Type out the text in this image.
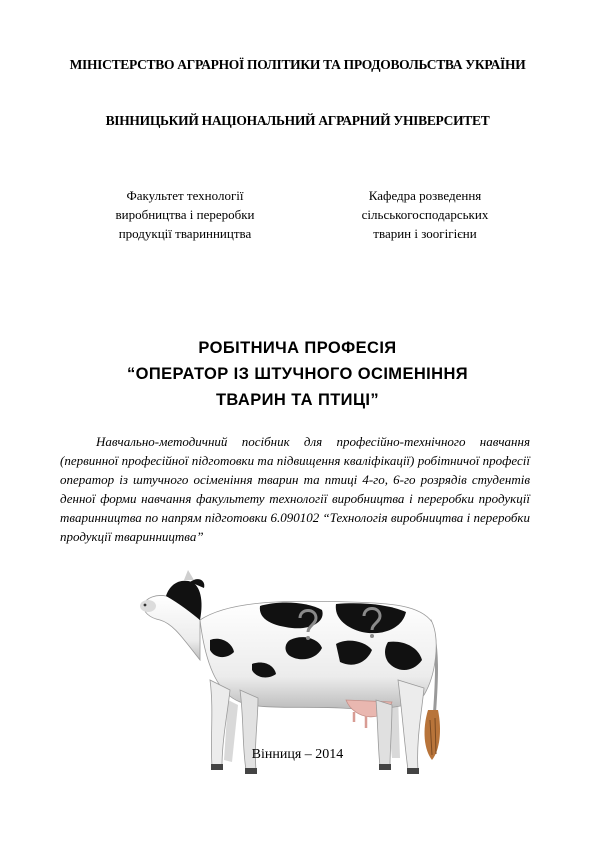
МІНІСТЕРСТВО АГРАРНОЇ ПОЛІТИКИ ТА ПРОДОВОЛЬСТВА УКРАЇНИ
ВІННИЦЬКИЙ НАЦІОНАЛЬНИЙ АГРАРНИЙ УНІВЕРСИТЕТ
Факультет технології
виробництва і переробки
продукції тваринництва
Кафедра розведення
сільськогосподарських
тварин і зоогігієни
РОБІТНИЧА ПРОФЕСІЯ
“ОПЕРАТОР ІЗ ШТУЧНОГО ОСІМЕНІННЯ
ТВАРИН ТА ПТИЦІ”
Навчально-методичний посібник для професійно-технічного навчання (первинної професійної підготовки та підвищення кваліфікації) робітничої професії оператор із штучного осіменіння тварин та птиці 4-го, 6-го розрядів студентів денної форми навчання факультету технології виробництва і переробки продукції тваринництва по напрям підготовки 6.090102 “Технологія виробництва і переробки продукції тваринництва”
Вінниця – 2014
